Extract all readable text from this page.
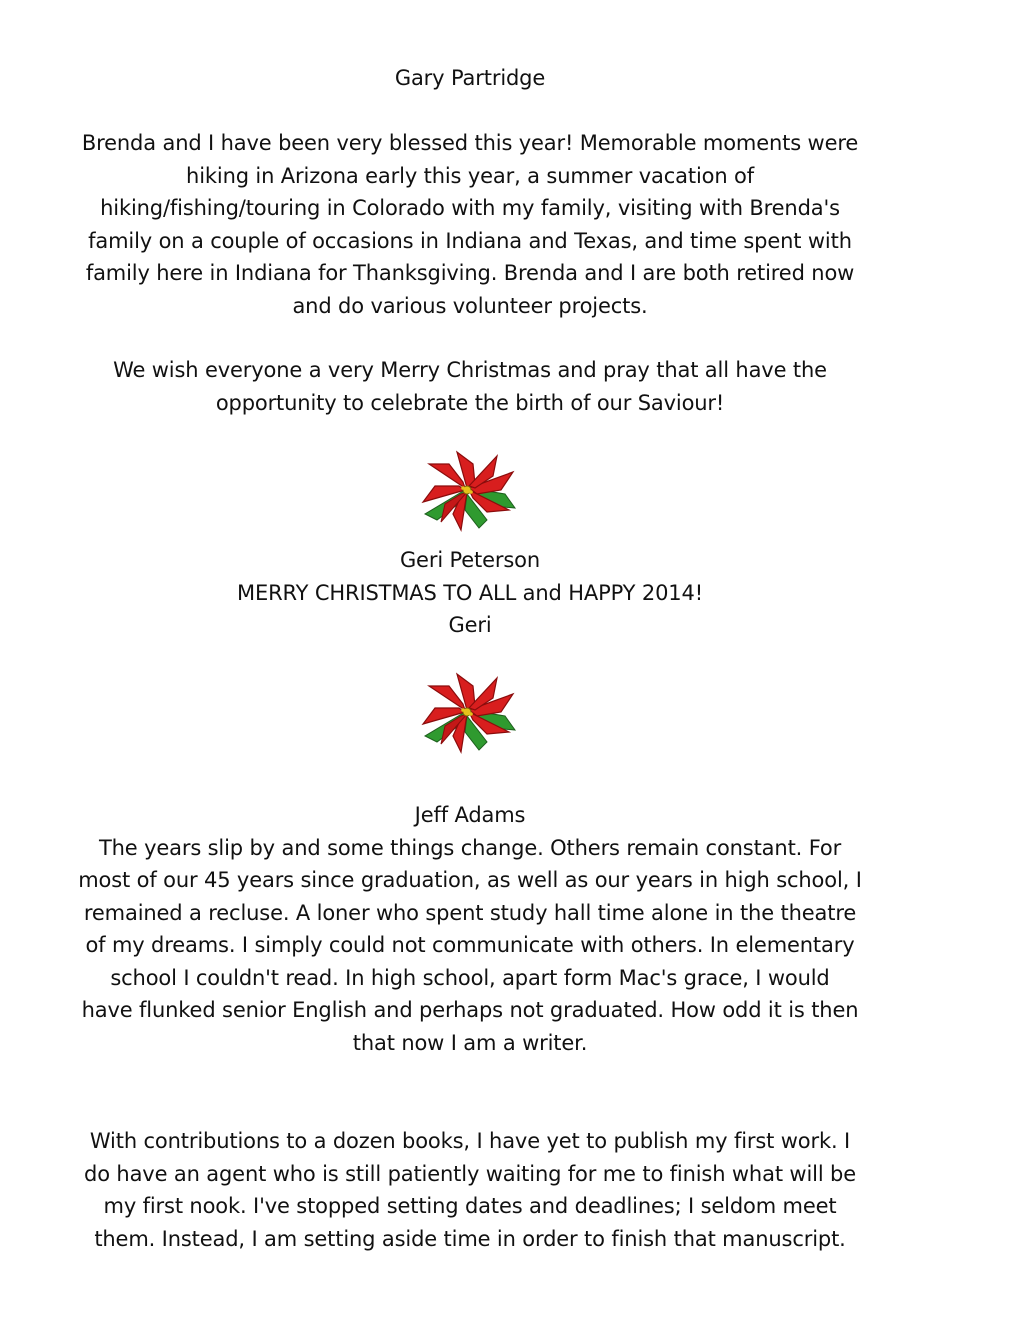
Gary Partridge
Brenda and I have been very blessed this year! Memorable moments were
hiking in Arizona early this year, a summer vacation of
hiking/fishing/touring in Colorado with my family, visiting with Brenda's
family on a couple of occasions in Indiana and Texas, and time spent with
family here in Indiana for Thanksgiving. Brenda and I are both retired now
and do various volunteer projects.
We wish everyone a very Merry Christmas and pray that all have the
opportunity to celebrate the birth of our Saviour!
Geri Peterson
MERRY CHRISTMAS TO ALL and HAPPY 2014!
Geri
Jeff Adams
The years slip by and some things change. Others remain constant. For
most of our 45 years since graduation, as well as our years in high school, I
remained a recluse. A loner who spent study hall time alone in the theatre
of my dreams. I simply could not communicate with others. In elementary
school I couldn't read. In high school, apart form Mac's grace, I would
have flunked senior English and perhaps not graduated. How odd it is then
that now I am a writer.
With contributions to a dozen books, I have yet to publish my first work. I
do have an agent who is still patiently waiting for me to finish what will be
my first nook. I've stopped setting dates and deadlines; I seldom meet
them. Instead, I am setting aside time in order to finish that manuscript.
